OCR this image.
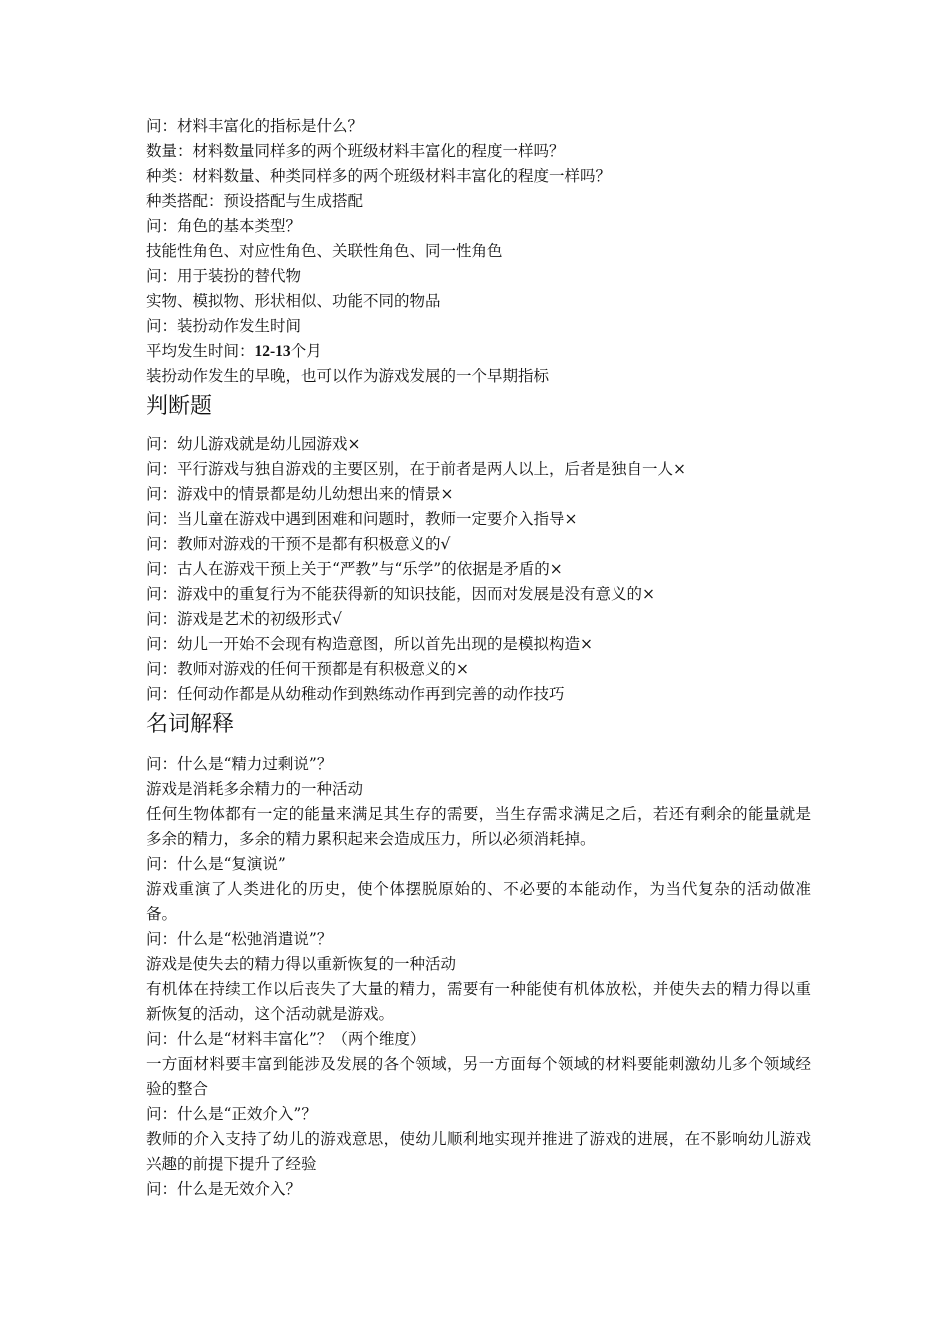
问：材料丰富化的指标是什么？
数量：材料数量同样多的两个班级材料丰富化的程度一样吗？
种类：材料数量、种类同样多的两个班级材料丰富化的程度一样吗？
种类搭配：预设搭配与生成搭配
问：角色的基本类型？
技能性角色、对应性角色、关联性角色、同一性角色
问：用于装扮的替代物
实物、模拟物、形状相似、功能不同的物品
问：装扮动作发生时间
平均发生时间：12-13个月
装扮动作发生的早晚，也可以作为游戏发展的一个早期指标
判断题
问：幼儿游戏就是幼儿园游戏×
问：平行游戏与独自游戏的主要区别，在于前者是两人以上，后者是独自一人×
问：游戏中的情景都是幼儿幼想出来的情景×
问：当儿童在游戏中遇到困难和问题时，教师一定要介入指导×
问：教师对游戏的干预不是都有积极意义的√
问：古人在游戏干预上关于“严教”与“乐学”的依据是矛盾的×
问：游戏中的重复行为不能获得新的知识技能，因而对发展是没有意义的×
问：游戏是艺术的初级形式√
问：幼儿一开始不会现有构造意图，所以首先出现的是模拟构造×
问：教师对游戏的任何干预都是有积极意义的×
问：任何动作都是从幼稚动作到熟练动作再到完善的动作技巧
名词解释
问：什么是“精力过剩说”？
游戏是消耗多余精力的一种活动
任何生物体都有一定的能量来满足其生存的需要，当生存需求满足之后，若还有剩余的能量就是多余的精力，多余的精力累积起来会造成压力，所以必须消耗掉。
问：什么是“复演说”
游戏重演了人类进化的历史，使个体摆脱原始的、不必要的本能动作，为当代复杂的活动做准备。
问：什么是“松弛消遣说”？
游戏是使失去的精力得以重新恢复的一种活动
有机体在持续工作以后丧失了大量的精力，需要有一种能使有机体放松，并使失去的精力得以重新恢复的活动，这个活动就是游戏。
问：什么是“材料丰富化”？（两个维度）
一方面材料要丰富到能涉及发展的各个领域，另一方面每个领域的材料要能刺激幼儿多个领域经验的整合
问：什么是“正效介入”？
教师的介入支持了幼儿的游戏意思，使幼儿顺利地实现并推进了游戏的进展，在不影响幼儿游戏兴趣的前提下提升了经验
问：什么是无效介入？
